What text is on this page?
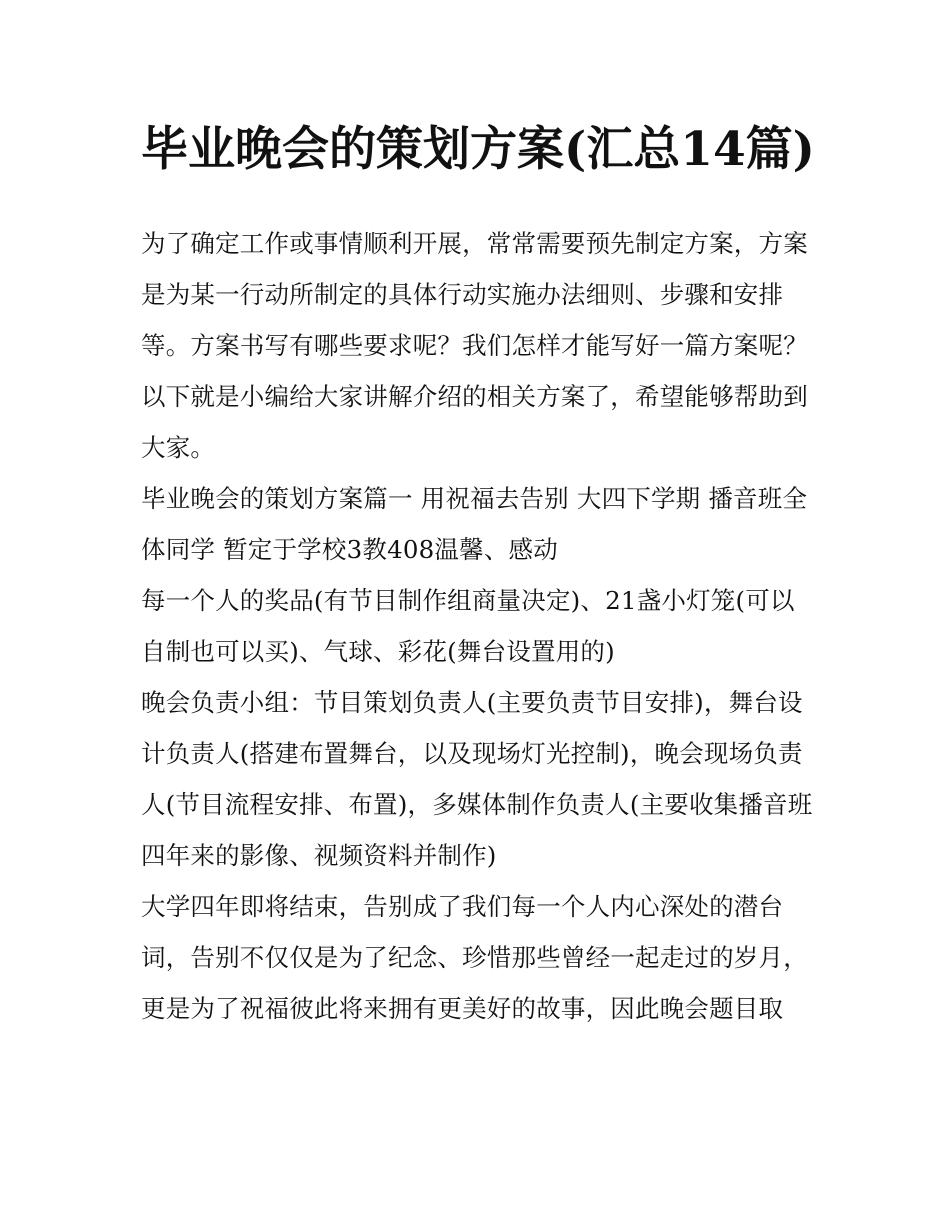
毕业晚会的策划方案(汇总14篇)

为了确定工作或事情顺利开展，常常需要预先制定方案，方案是为某一行动所制定的具体行动实施办法细则、步骤和安排等。方案书写有哪些要求呢？我们怎样才能写好一篇方案呢？以下就是小编给大家讲解介绍的相关方案了，希望能够帮助到大家。

毕业晚会的策划方案篇一 用祝福去告别 大四下学期 播音班全体同学 暂定于学校3教408温馨、感动

每一个人的奖品(有节目制作组商量决定)、21盏小灯笼(可以自制也可以买)、气球、彩花(舞台设置用的)

晚会负责小组：节目策划负责人(主要负责节目安排)，舞台设计负责人(搭建布置舞台，以及现场灯光控制)，晚会现场负责人(节目流程安排、布置)，多媒体制作负责人(主要收集播音班四年来的影像、视频资料并制作)

大学四年即将结束，告别成了我们每一个人内心深处的潜台词，告别不仅仅是为了纪念、珍惜那些曾经一起走过的岁月，更是为了祝福彼此将来拥有更美好的故事，因此晚会题目取
